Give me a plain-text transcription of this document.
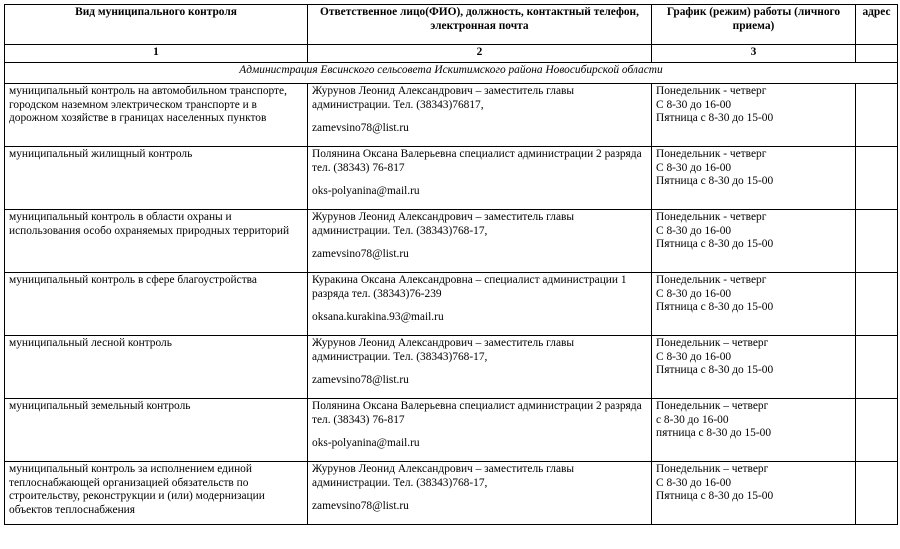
Вид муниципального контроля	Ответственное лицо(ФИО), должность, контактный телефон, электронная почта	График (режим) работы (личного приема)	адрес
1	2	3	
Администрация Евсинского сельсовета Искитимского района Новосибирской области			
муниципальный контроль на автомобильном транспорте, городском наземном электрическом транспорте и в дорожном хозяйстве в границах населенных пунктов	Журунов Леонид Александрович – заместитель главы администрации. Тел. (38343)76817,
zamevsino78@list.ru	Понедельник - четверг
С 8-30 до 16-00
Пятница с 8-30 до 15-00	

муниципальный жилищный контроль	Полянина Оксана Валерьевна специалист администрации 2 разряда тел. (38343) 76-817
oks-polyanina@mail.ru	Понедельник - четверг
С 8-30 до 16-00
Пятница с 8-30 до 15-00	

муниципальный контроль в области охраны и использования особо охраняемых природных территорий	Журунов Леонид Александрович – заместитель главы администрации. Тел. (38343)768-17,
zamevsino78@list.ru	Понедельник - четверг
С 8-30 до 16-00
Пятница с 8-30 до 15-00	

муниципальный контроль в сфере благоустройства	Куракина Оксана Александровна – специалист администрации 1 разряда тел. (38343)76-239
oksana.kurakina.93@mail.ru	Понедельник - четверг
С 8-30 до 16-00
Пятница с 8-30 до 15-00	

муниципальный лесной контроль	Журунов Леонид Александрович – заместитель главы администрации. Тел. (38343)768-17,
zamevsino78@list.ru	Понедельник – четверг
С 8-30 до 16-00
Пятница с 8-30 до 15-00	

муниципальный земельный контроль	Полянина Оксана Валерьевна специалист администрации 2 разряда тел. (38343) 76-817
oks-polyanina@mail.ru	Понедельник – четверг
с 8-30 до 16-00
пятница с 8-30 до 15-00	

муниципальный контроль за исполнением единой теплоснабжающей организацией обязательств по строительству, реконструкции и (или) модернизации объектов теплоснабжения	Журунов Леонид Александрович – заместитель главы администрации. Тел. (38343)768-17,
zamevsino78@list.ru	Понедельник – четверг
С 8-30 до 16-00
Пятница с 8-30 до 15-00	
